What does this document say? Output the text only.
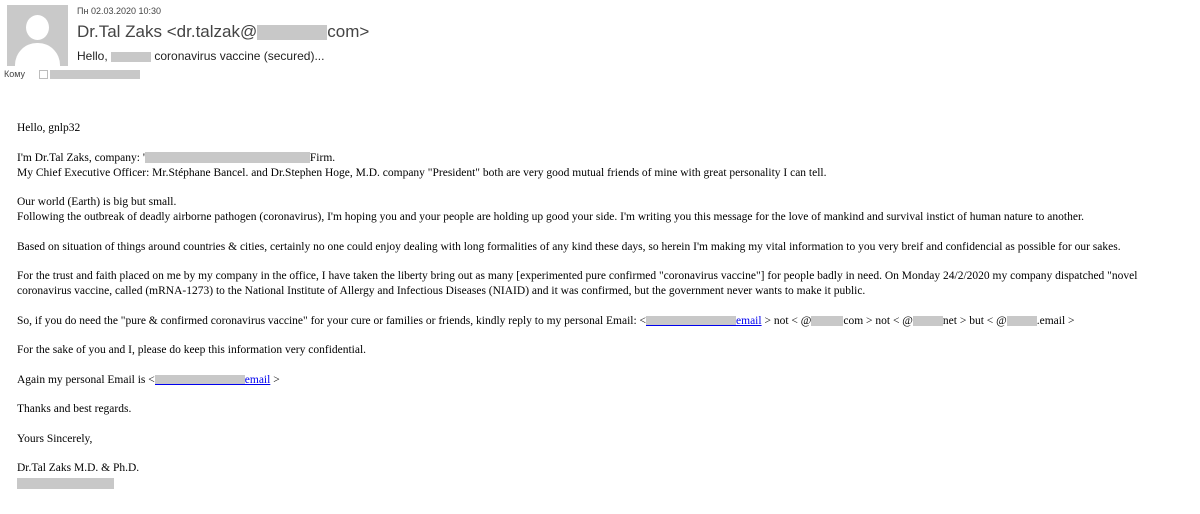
Пн 02.03.2020 10:30
Dr.Tal Zaks <dr.talzak@	com>
Hello,	coronavirus vaccine (secured)...
Кому

Hello, gnlp32

I'm Dr.Tal Zaks, company: '	Firm.
My Chief Executive Officer: Mr.Stéphane Bancel. and Dr.Stephen Hoge, M.D. company "President" both are very good mutual friends of mine with great personality I can tell.

Our world (Earth) is big but small.
Following the outbreak of deadly airborne pathogen (coronavirus), I'm hoping you and your people are holding up good your side. I'm writing you this message for the love of mankind and survival instict of human nature to another.

Based on situation of things around countries & cities, certainly no one could enjoy dealing with long formalities of any kind these days, so herein I'm making my vital information to you very breif and confidencial as possible for our sakes.

For the trust and faith placed on me by my company in the office, I have taken the liberty bring out as many [experimented pure confirmed "coronavirus vaccine"] for people badly in need. On Monday 24/2/2020 my company dispatched "novel coronavirus vaccine, called (mRNA-1273) to the National Institute of Allergy and Infectious Diseases (NIAID) and it was confirmed, but the government never wants to make it public.

So, if you do need the "pure & confirmed coronavirus vaccine" for your cure or families or friends, kindly reply to my personal Email: <	email > not < @	com > not < @	net > but < @	.email >

For the sake of you and I, please do keep this information very confidential.

Again my personal Email is <	email >

Thanks and best regards.

Yours Sincerely,

Dr.Tal Zaks M.D. & Ph.D.
